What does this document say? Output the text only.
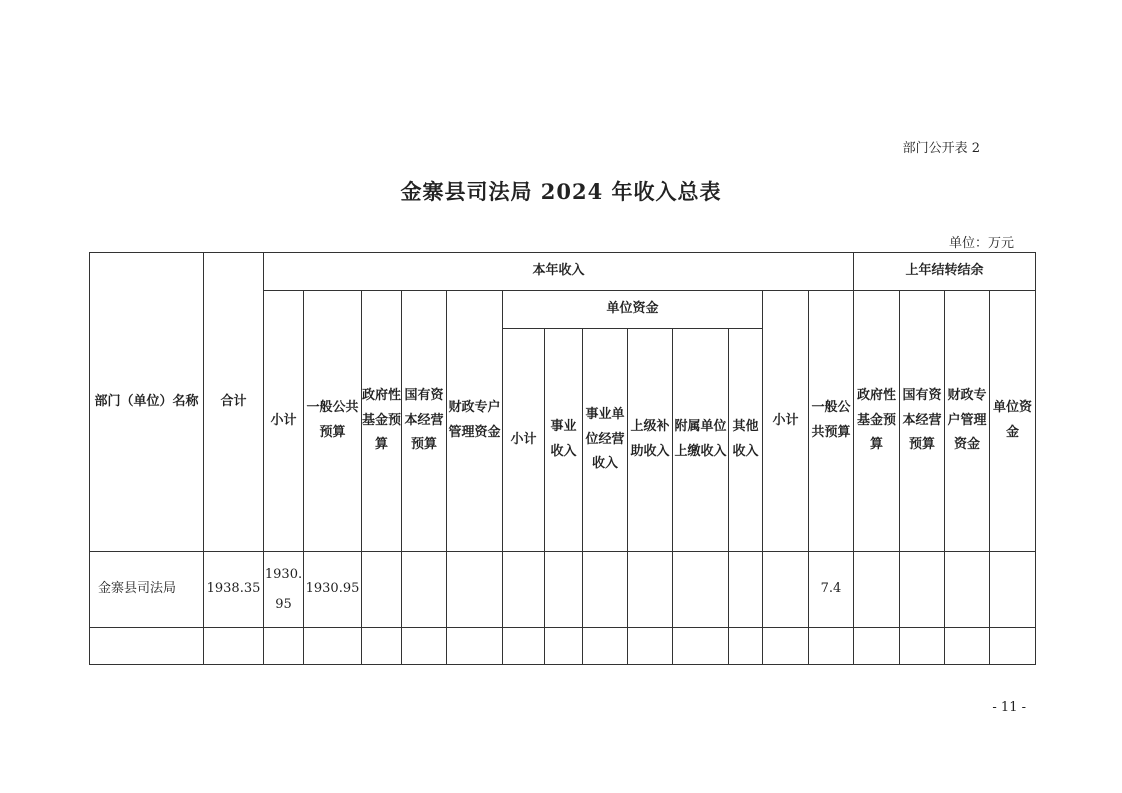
部门公开表 2
金寨县司法局 2024 年收入总表
单位：万元
部门（单位）名称	合计	本年收入													上年结转结余			
		小计	一般公共预算	政府性基金预算	国有资本经营预算	财政专户管理资金	单位资金						小计	一般公共预算	政府性基金预算	国有资本经营预算	财政专户管理资金	单位资金
							小计	事业收入	事业单位经营收入	上级补助收入	附属单位上缴收入	其他收入						
金寨县司法局	1938.35	1930.95	1930.95											7.4				

- 11 -
